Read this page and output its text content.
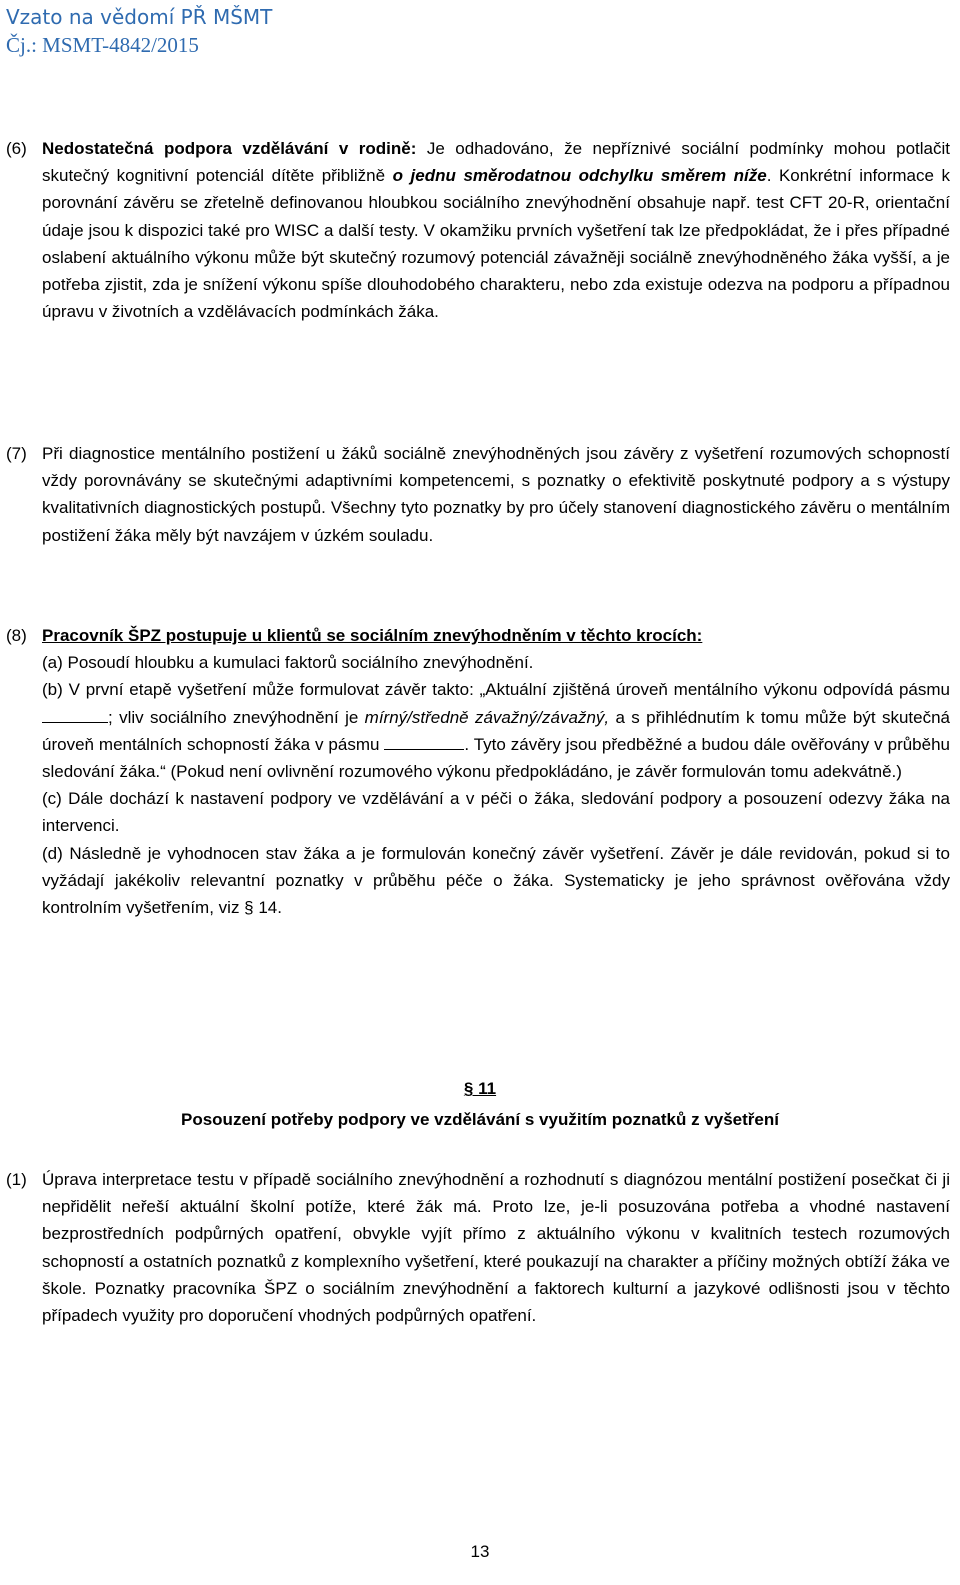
Vzato na vědomí PŘ MŠMT
Čj.: MSMT-4842/2015
(6) Nedostatečná podpora vzdělávání v rodině: Je odhadováno, že nepříznivé sociální podmínky mohou potlačit skutečný kognitivní potenciál dítěte přibližně o jednu směrodatnou odchylku směrem níže. Konkrétní informace k porovnání závěru se zřetelně definovanou hloubkou sociálního znevýhodnění obsahuje např. test CFT 20-R, orientační údaje jsou k dispozici také pro WISC a další testy. V okamžiku prvních vyšetření tak lze předpokládat, že i přes případné oslabení aktuálního výkonu může být skutečný rozumový potenciál závažněji sociálně znevýhodněného žáka vyšší, a je potřeba zjistit, zda je snížení výkonu spíše dlouhodobého charakteru, nebo zda existuje odezva na podporu a případnou úpravu v životních a vzdělávacích podmínkách žáka.
(7) Při diagnostice mentálního postižení u žáků sociálně znevýhodněných jsou závěry z vyšetření rozumových schopností vždy porovnávány se skutečnými adaptivními kompetencemi, s poznatky o efektivitě poskytnuté podpory a s výstupy kvalitativních diagnostických postupů. Všechny tyto poznatky by pro účely stanovení diagnostického závěru o mentálním postižení žáka měly být navzájem v úzkém souladu.
(8) Pracovník ŠPZ postupuje u klientů se sociálním znevýhodněním v těchto krocích:
(a) Posoudí hloubku a kumulaci faktorů sociálního znevýhodnění.
(b) V první etapě vyšetření může formulovat závěr takto: „Aktuální zjištěná úroveň mentálního výkonu odpovídá pásmu ; vliv sociálního znevýhodnění je mírný/středně závažný/závažný, a s přihlédnutím k tomu může být skutečná úroveň mentálních schopností žáka v pásmu	. Tyto závěry jsou předběžné a budou dále ověřovány v průběhu sledování žáka.“ (Pokud není ovlivnění rozumového výkonu předpokládáno, je závěr formulován tomu adekvátně.)
(c) Dále dochází k nastavení podpory ve vzdělávání a v péči o žáka, sledování podpory a posouzení odezvy žáka na intervenci.
(d) Následně je vyhodnocen stav žáka a je formulován konečný závěr vyšetření. Závěr je dále revidován, pokud si to vyžádají jakékoliv relevantní poznatky v průběhu péče o žáka. Systematicky je jeho správnost ověřována vždy kontrolním vyšetřením, viz § 14.
§ 11
Posouzení potřeby podpory ve vzdělávání s využitím poznatků z vyšetření
(1) Úprava interpretace testu v případě sociálního znevýhodnění a rozhodnutí s diagnózou mentální postižení posečkat či ji nepřidělit neřeší aktuální školní potíže, které žák má. Proto lze, je-li posuzována potřeba a vhodné nastavení bezprostředních podpůrných opatření, obvykle vyjít přímo z aktuálního výkonu v kvalitních testech rozumových schopností a ostatních poznatků z komplexního vyšetření, které poukazují na charakter a příčiny možných obtíží žáka ve škole. Poznatky pracovníka ŠPZ o sociálním znevýhodnění a faktorech kulturní a jazykové odlišnosti jsou v těchto případech využity pro doporučení vhodných podpůrných opatření.
13
